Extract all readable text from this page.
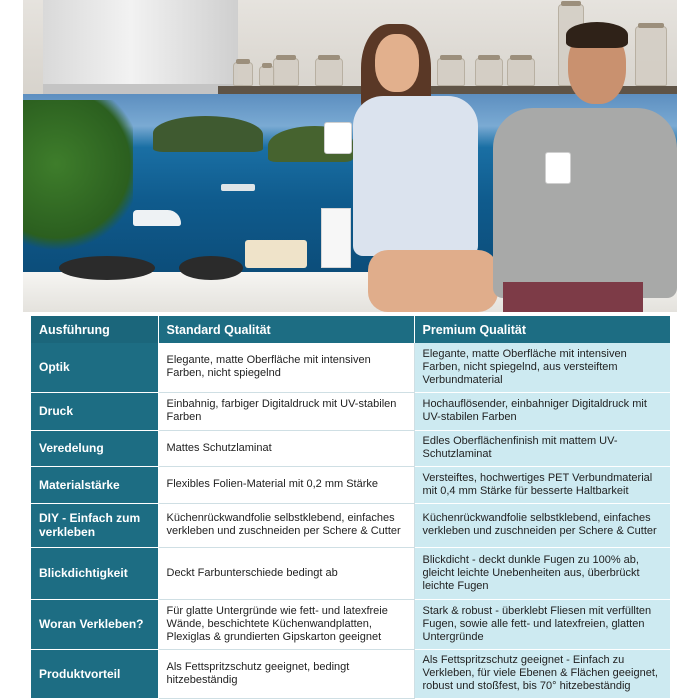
Ausführung	Standard Qualität	Premium Qualität
Optik	Elegante, matte Oberfläche mit intensiven Farben, nicht spiegelnd	Elegante, matte Oberfläche mit intensiven Farben, nicht spiegelnd, aus versteiftem Verbundmaterial
Druck	Einbahnig, farbiger Digitaldruck mit UV-stabilen Farben	Hochauflösender, einbahniger Digitaldruck mit UV-stabilen Farben
Veredelung	Mattes Schutzlaminat	Edles Oberflächenfinish mit mattem UV-Schutzlaminat
Materialstärke	Flexibles Folien-Material mit 0,2 mm Stärke	Versteiftes, hochwertiges PET Verbundmaterial mit 0,4 mm Stärke für besserte Haltbarkeit
DIY - Einfach zum verkleben	Küchenrückwandfolie selbstklebend, einfaches verkleben und zuschneiden per Schere & Cutter	Küchenrückwandfolie selbstklebend, einfaches verkleben und zuschneiden per Schere & Cutter
Blickdichtigkeit	Deckt Farbunterschiede bedingt ab	Blickdicht - deckt dunkle Fugen zu 100% ab, gleicht leichte Unebenheiten aus, überbrückt leichte Fugen
Woran Verkleben?	Für glatte Untergründe wie fett- und latexfreie Wände, beschichtete Küchenwandplatten, Plexiglas & grundierten Gipskarton geeignet	Stark & robust - überklebt Fliesen mit verfüllten Fugen, sowie alle fett- und latexfreien, glatten Untergründe
Produktvorteil	Als Fettspritzschutz geeignet, bedingt hitzebeständig	Als Fettspritzschutz geeignet - Einfach zu Verkleben, für viele Ebenen & Flächen geeignet, robust und stoßfest, bis 70° hitzebeständig
